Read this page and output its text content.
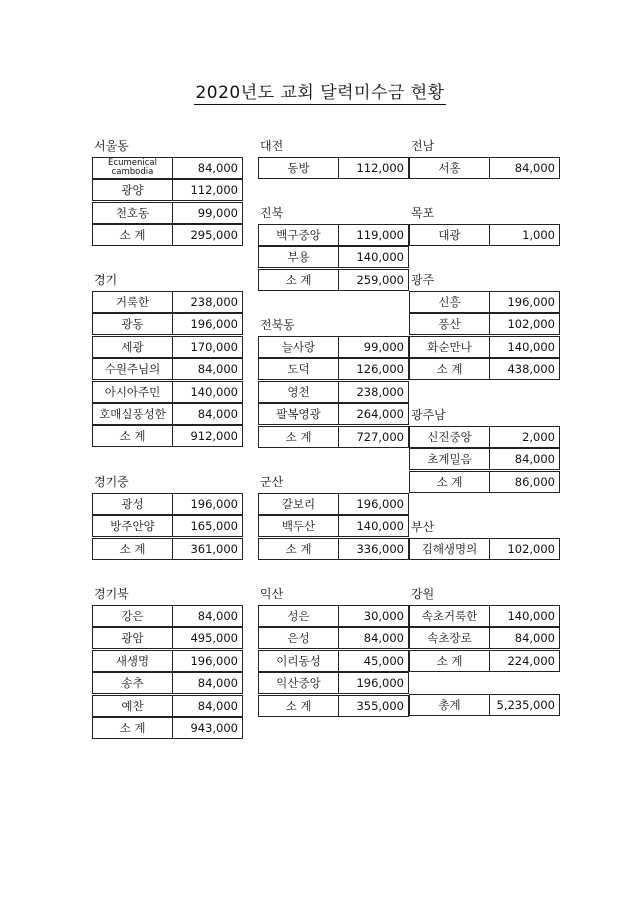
2020년도 교회 달력미수금 현황
서울동
Ecumenical cambodia	84,000
광양	112,000
천호동	99,000
소 계	295,000
경기
거룩한	238,000
광동	196,000
세광	170,000
수원주님의	84,000
아시아주민	140,000
호매실풍성한	84,000
소 계	912,000
경기중
광성	196,000
방주안양	165,000
소 계	361,000
경기북
강은	84,000
광암	495,000
새생명	196,000
송추	84,000
예찬	84,000
소 계	943,000
대전
동방	112,000
진북
백구중앙	119,000
부용	140,000
소 계	259,000
전북동
늘사랑	99,000
도덕	126,000
영천	238,000
팔복영광	264,000
소 계	727,000
군산
갈보리	196,000
백두산	140,000
소 계	336,000
익산
성은	30,000
은성	84,000
이리동성	45,000
익산중앙	196,000
소 계	355,000
전남
서홍	84,000
목포
대광	1,000
광주
신흥	196,000
풍산	102,000
화순만나	140,000
소 계	438,000
광주남
신진중앙	2,000
초계밀음	84,000
소 계	86,000
부산
김해생명의	102,000
강원
속초거룩한	140,000
속초장로	84,000
소 계	224,000
총계	5,235,000
